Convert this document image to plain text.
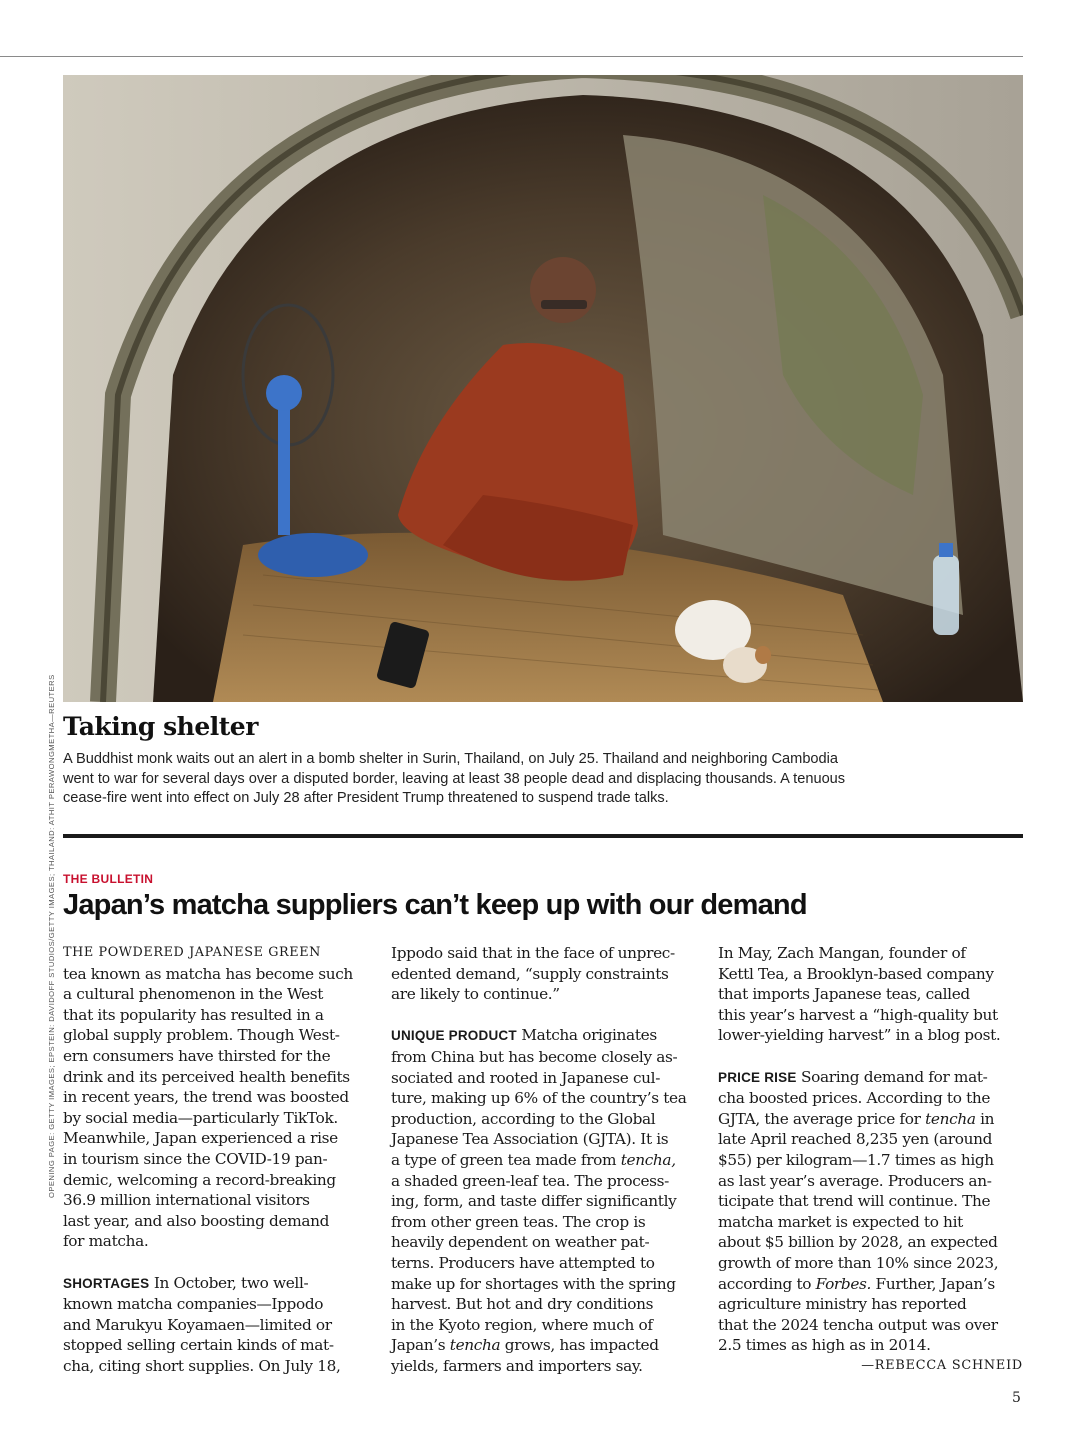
Taking shelter
A Buddhist monk waits out an alert in a bomb shelter in Surin, Thailand, on July 25. Thailand and neighboring Cambodia
went to war for several days over a disputed border, leaving at least 38 people dead and displacing thousands. A tenuous
cease-fire went into effect on July 28 after President Trump threatened to suspend trade talks.
OPENING PAGE: GETTY IMAGES; EPSTEIN: DAVIDOFF STUDIOS/GETTY IMAGES; THAILAND: ATHIT PERAWONGMETHA—REUTERS THE BULLETIN
Japan’s matcha suppliers can’t keep up with our demand
THE POWDERED JAPANESE GREEN
tea known as matcha has become such
a cultural phenomenon in the West
that its popularity has resulted in a
global supply problem. Though West-
ern consumers have thirsted for the
drink and its perceived health benefits
in recent years, the trend was boosted
by social media—particularly TikTok.
Meanwhile, Japan experienced a rise
in tourism since the COVID-19 pan-
demic, welcoming a record-breaking
36.9 million international visitors
last year, and also boosting demand
for matcha.
SHORTAGES In October, two well-
known matcha companies—Ippodo
and Marukyu Koyamaen—limited or
stopped selling certain kinds of mat-
cha, citing short supplies. On July 18,
Ippodo said that in the face of unprec-
edented demand, “supply constraints
are likely to continue.”
UNIQUE PRODUCT Matcha originates
from China but has become closely as-
sociated and rooted in Japanese cul-
ture, making up 6% of the country’s tea
production, according to the Global
Japanese Tea Association (GJTA). It is
a type of green tea made from tencha,
a shaded green-leaf tea. The process-
ing, form, and taste differ significantly
from other green teas. The crop is
heavily dependent on weather pat-
terns. Producers have attempted to
make up for shortages with the spring
harvest. But hot and dry conditions
in the Kyoto region, where much of
Japan’s tencha grows, has impacted
yields, farmers and importers say.
In May, Zach Mangan, founder of
Kettl Tea, a Brooklyn-based company
that imports Japanese teas, called
this year’s harvest a “high-quality but
lower-yielding harvest” in a blog post.
PRICE RISE Soaring demand for mat-
cha boosted prices. According to the
GJTA, the average price for tencha in
late April reached 8,235 yen (around
$55) per kilogram—1.7 times as high
as last year’s average. Producers an-
ticipate that trend will continue. The
matcha market is expected to hit
about $5 billion by 2028, an expected
growth of more than 10% since 2023,
according to Forbes. Further, Japan’s
agriculture ministry has reported
that the 2024 tencha output was over
2.5 times as high as in 2014.
—REBECCA SCHNEID
5
